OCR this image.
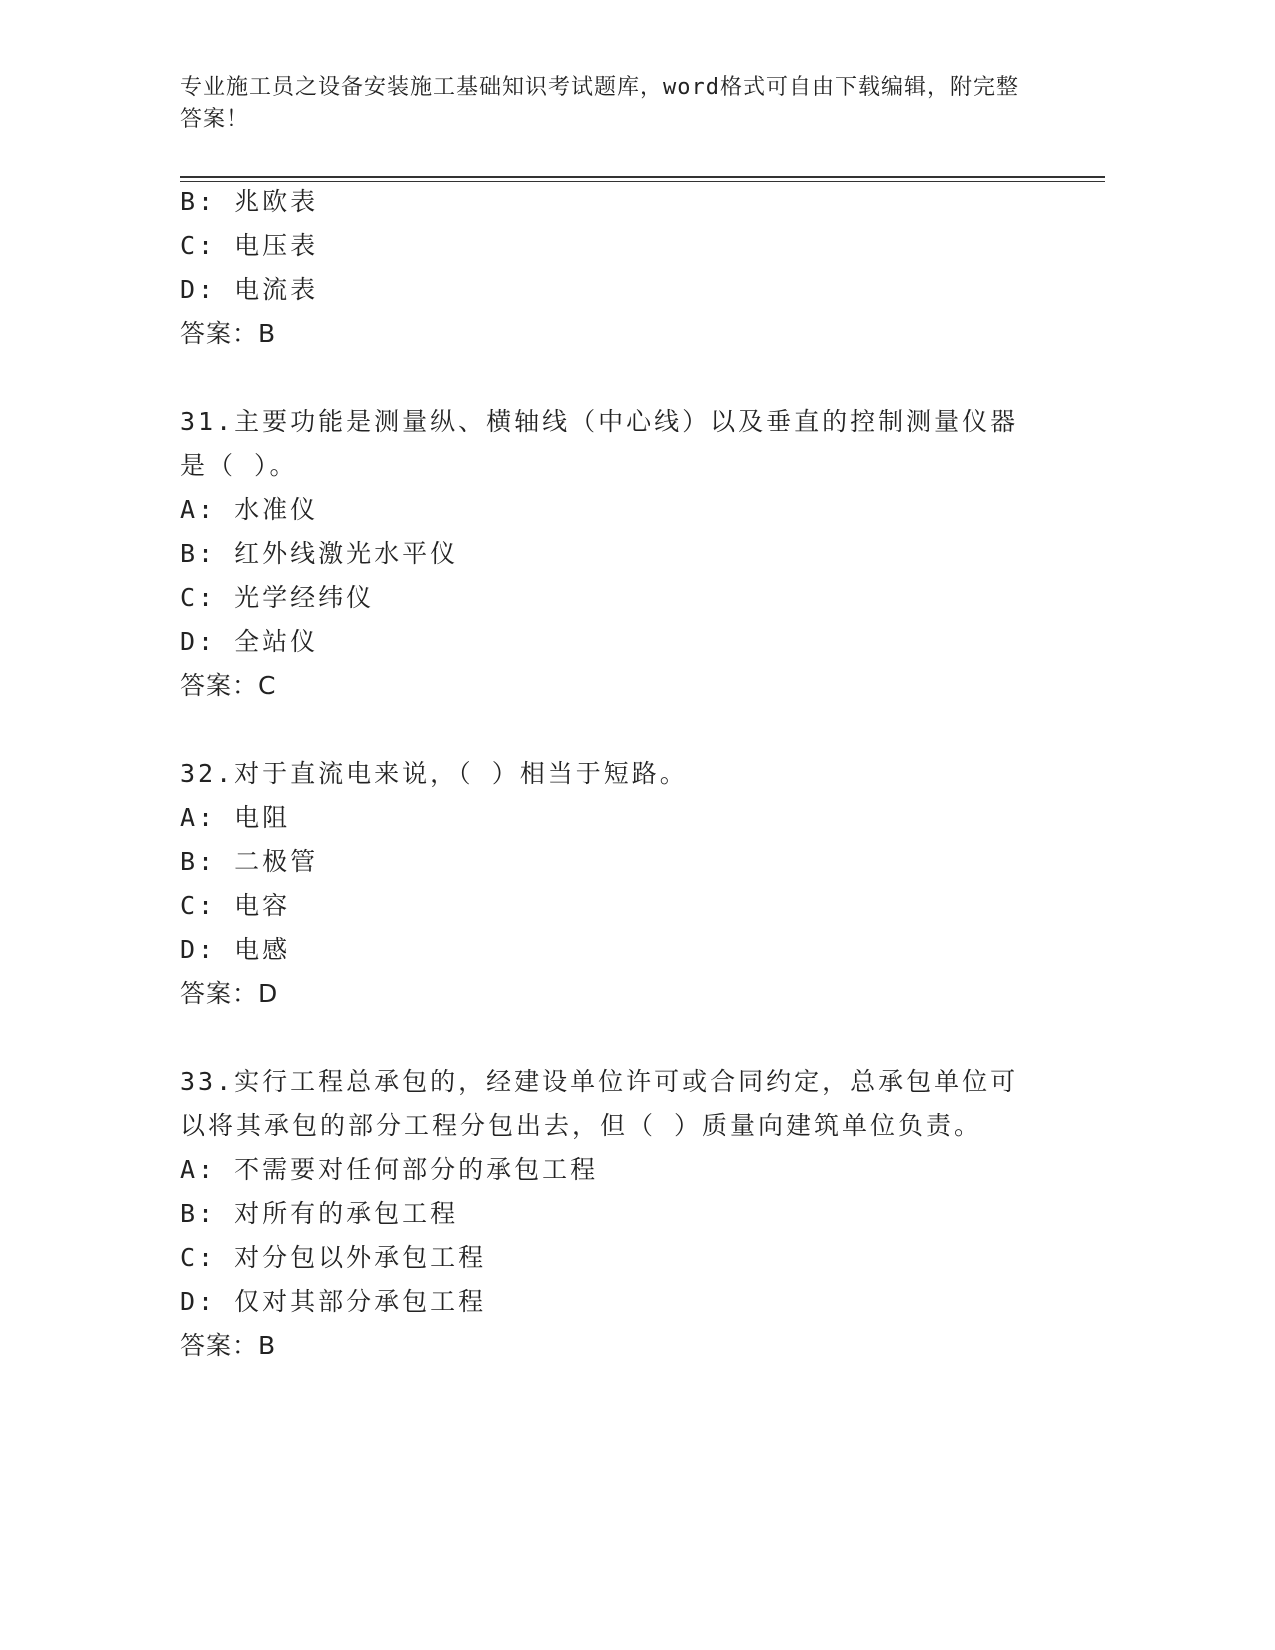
专业施工员之设备安装施工基础知识考试题库，word格式可自由下载编辑，附完整答案！
B: 兆欧表
C: 电压表
D: 电流表
答案：B
31.主要功能是测量纵、横轴线（中心线）以及垂直的控制测量仪器是（ ）。
A: 水准仪
B: 红外线激光水平仪
C: 光学经纬仪
D: 全站仪
答案：C
32.对于直流电来说，（ ）相当于短路。
A: 电阻
B: 二极管
C: 电容
D: 电感
答案：D
33.实行工程总承包的，经建设单位许可或合同约定，总承包单位可以将其承包的部分工程分包出去，但（ ）质量向建筑单位负责。
A: 不需要对任何部分的承包工程
B: 对所有的承包工程
C: 对分包以外承包工程
D: 仅对其部分承包工程
答案：B
